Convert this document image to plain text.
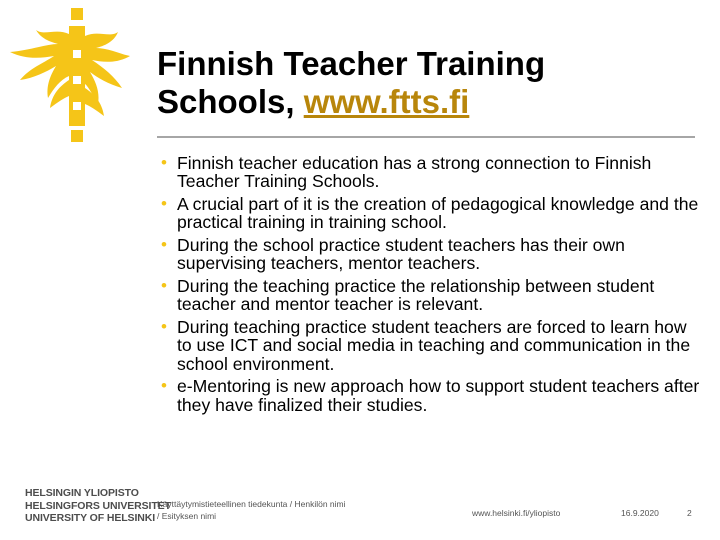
Finnish Teacher Training
Schools, www.ftts.fi
• Finnish teacher education has a strong connection to Finnish Teacher Training Schools.
• A crucial part of it is the creation of pedagogical knowledge and the practical training in training school.
• During the school practice student teachers has their own supervising teachers, mentor teachers.
• During the teaching practice the relationship between student teacher and mentor teacher is relevant.
• During teaching practice student teachers are forced to learn how to use ICT and social media in teaching and communication in the school environment.
• e-Mentoring is new approach how to support student teachers after they have finalized their studies.
HELSINGIN YLIOPISTO
HELSINGFORS UNIVERSITET
UNIVERSITY OF HELSINKI
Käyttäytymistieteellinen tiedekunta / Henkilön nimi
/ Esityksen nimi	www.helsinki.fi/yliopisto	16.9.2020	2
